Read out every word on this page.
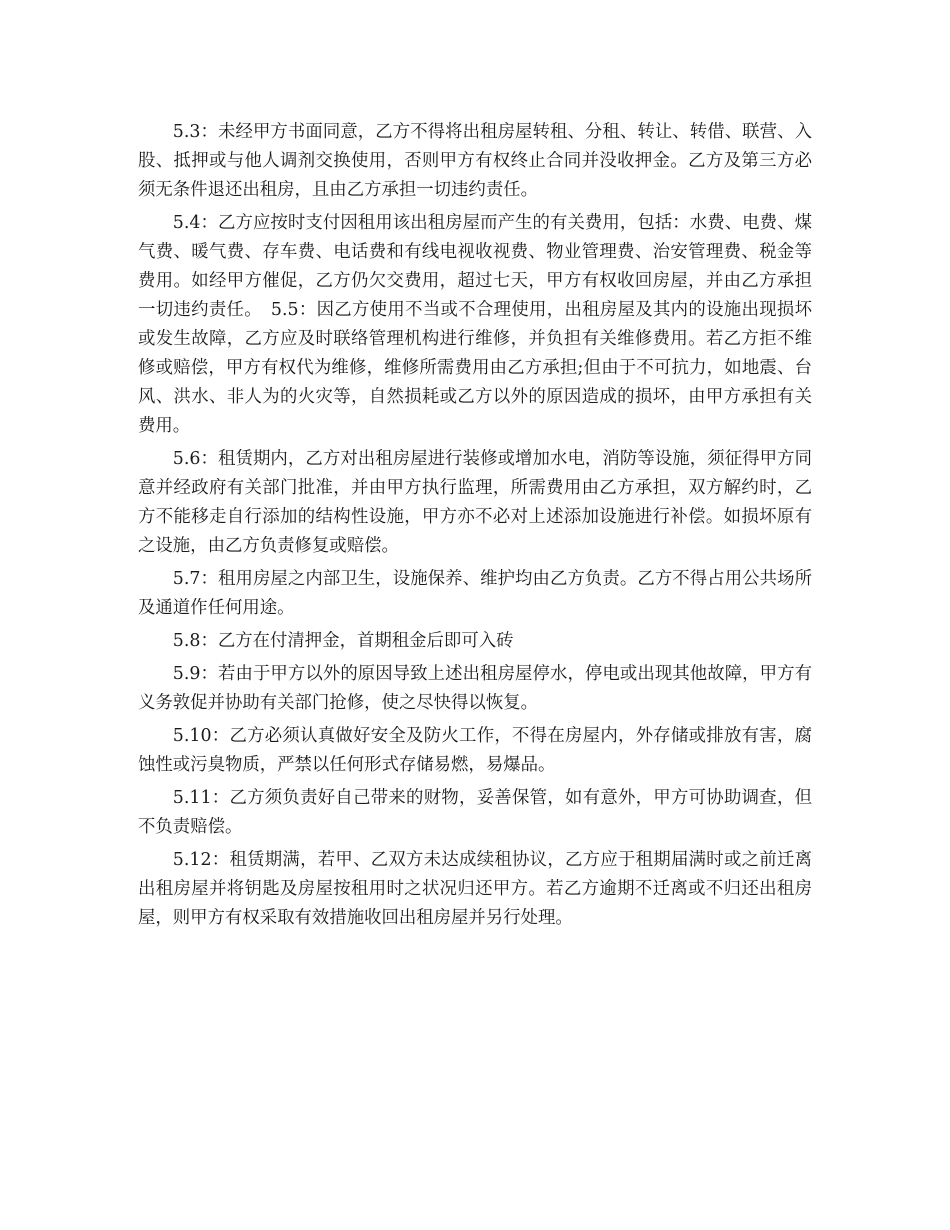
5.3：未经甲方书面同意，乙方不得将出租房屋转租、分租、转让、转借、联营、入股、抵押或与他人调剂交换使用，否则甲方有权终止合同并没收押金。乙方及第三方必须无条件退还出租房，且由乙方承担一切违约责任。

5.4：乙方应按时支付因租用该出租房屋而产生的有关费用，包括：水费、电费、煤气费、暖气费、存车费、电话费和有线电视收视费、物业管理费、治安管理费、税金等费用。如经甲方催促，乙方仍欠交费用，超过七天，甲方有权收回房屋，并由乙方承担一切违约责任。　5.5：因乙方使用不当或不合理使用，出租房屋及其内的设施出现损坏或发生故障，乙方应及时联络管理机构进行维修，并负担有关维修费用。若乙方拒不维修或赔偿，甲方有权代为维修，维修所需费用由乙方承担;但由于不可抗力，如地震、台风、洪水、非人为的火灾等，自然损耗或乙方以外的原因造成的损坏，由甲方承担有关费用。

5.6：租赁期内，乙方对出租房屋进行装修或增加水电，消防等设施，须征得甲方同意并经政府有关部门批准，并由甲方执行监理，所需费用由乙方承担，双方解约时，乙方不能移走自行添加的结构性设施，甲方亦不必对上述添加设施进行补偿。如损坏原有之设施，由乙方负责修复或赔偿。

5.7：租用房屋之内部卫生，设施保养、维护均由乙方负责。乙方不得占用公共场所及通道作任何用途。

5.8：乙方在付清押金，首期租金后即可入砖

5.9：若由于甲方以外的原因导致上述出租房屋停水，停电或出现其他故障，甲方有义务敦促并协助有关部门抢修，使之尽快得以恢复。

5.10：乙方必须认真做好安全及防火工作，不得在房屋内，外存储或排放有害，腐蚀性或污臭物质，严禁以任何形式存储易燃，易爆品。

5.11：乙方须负责好自己带来的财物，妥善保管，如有意外，甲方可协助调查，但不负责赔偿。

5.12：租赁期满，若甲、乙双方未达成续租协议，乙方应于租期届满时或之前迁离出租房屋并将钥匙及房屋按租用时之状况归还甲方。若乙方逾期不迁离或不归还出租房屋，则甲方有权采取有效措施收回出租房屋并另行处理。
